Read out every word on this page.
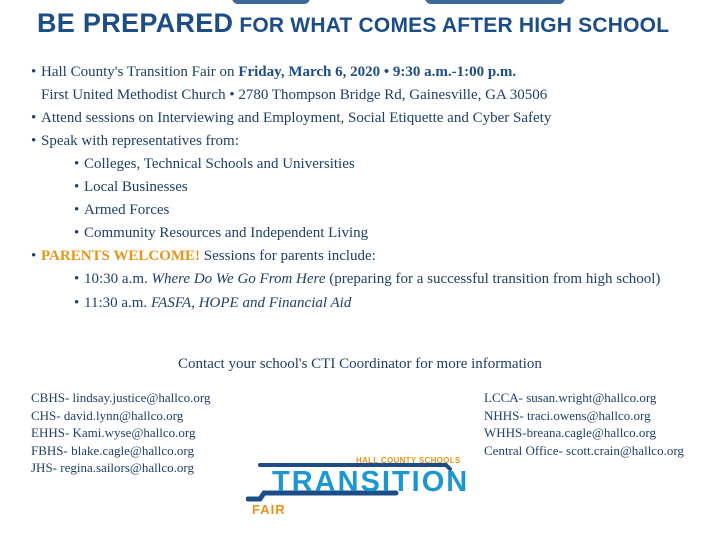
BE PREPARED FOR WHAT COMES AFTER HIGH SCHOOL
• Hall County's Transition Fair on Friday, March 6, 2020 • 9:30 a.m.-1:00 p.m.
First United Methodist Church • 2780 Thompson Bridge Rd, Gainesville, GA 30506
• Attend sessions on Interviewing and Employment, Social Etiquette and Cyber Safety
• Speak with representatives from:
• Colleges, Technical Schools and Universities
• Local Businesses
• Armed Forces
• Community Resources and Independent Living
• PARENTS WELCOME! Sessions for parents include:
• 10:30 a.m. Where Do We Go From Here (preparing for a successful transition from high school)
• 11:30 a.m. FASFA, HOPE and Financial Aid
Contact your school's CTI Coordinator for more information
CBHS- lindsay.justice@hallco.org
CHS- david.lynn@hallco.org
EHHS- Kami.wyse@hallco.org
FBHS- blake.cagle@hallco.org
JHS- regina.sailors@hallco.org
LCCA- susan.wright@hallco.org
NHHS- traci.owens@hallco.org
WHHS-breana.cagle@hallco.org
Central Office- scott.crain@hallco.org
HALL COUNTY SCHOOLS
TRANSITION
FAIR
